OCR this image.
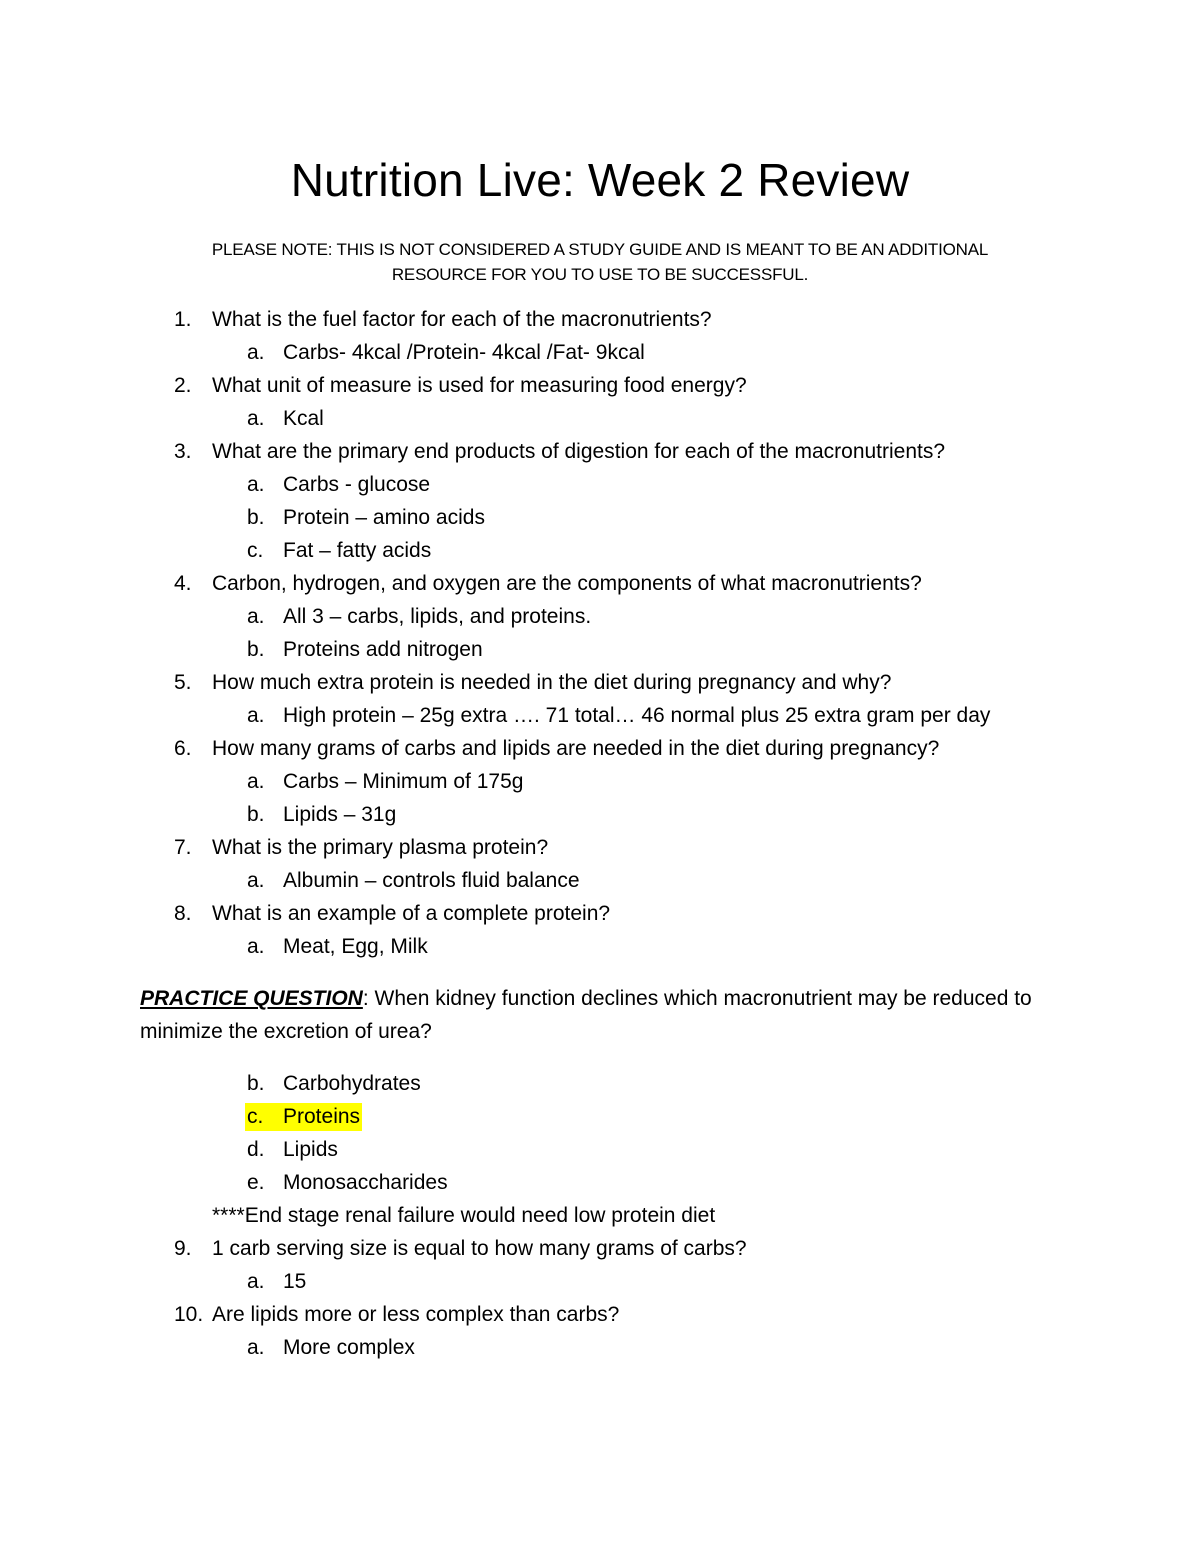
Nutrition Live: Week 2 Review
PLEASE NOTE: THIS IS NOT CONSIDERED A STUDY GUIDE AND IS MEANT TO BE AN ADDITIONAL
RESOURCE FOR YOU TO USE TO BE SUCCESSFUL.
1. What is the fuel factor for each of the macronutrients?
a. Carbs- 4kcal /Protein- 4kcal /Fat- 9kcal
2. What unit of measure is used for measuring food energy?
a. Kcal
3. What are the primary end products of digestion for each of the macronutrients?
a. Carbs - glucose
b. Protein – amino acids
c. Fat – fatty acids
4. Carbon, hydrogen, and oxygen are the components of what macronutrients?
a. All 3 – carbs, lipids, and proteins.
b. Proteins add nitrogen
5. How much extra protein is needed in the diet during pregnancy and why?
a. High protein – 25g extra …. 71 total… 46 normal plus 25 extra gram per day
6. How many grams of carbs and lipids are needed in the diet during pregnancy?
a. Carbs – Minimum of 175g
b. Lipids – 31g
7. What is the primary plasma protein?
a. Albumin – controls fluid balance
8. What is an example of a complete protein?
a. Meat, Egg, Milk
PRACTICE QUESTION: When kidney function declines which macronutrient may be reduced to
minimize the excretion of urea?
b. Carbohydrates
c. Proteins
d. Lipids
e. Monosaccharides
****End stage renal failure would need low protein diet
9. 1 carb serving size is equal to how many grams of carbs?
a. 15
10. Are lipids more or less complex than carbs?
a. More complex
